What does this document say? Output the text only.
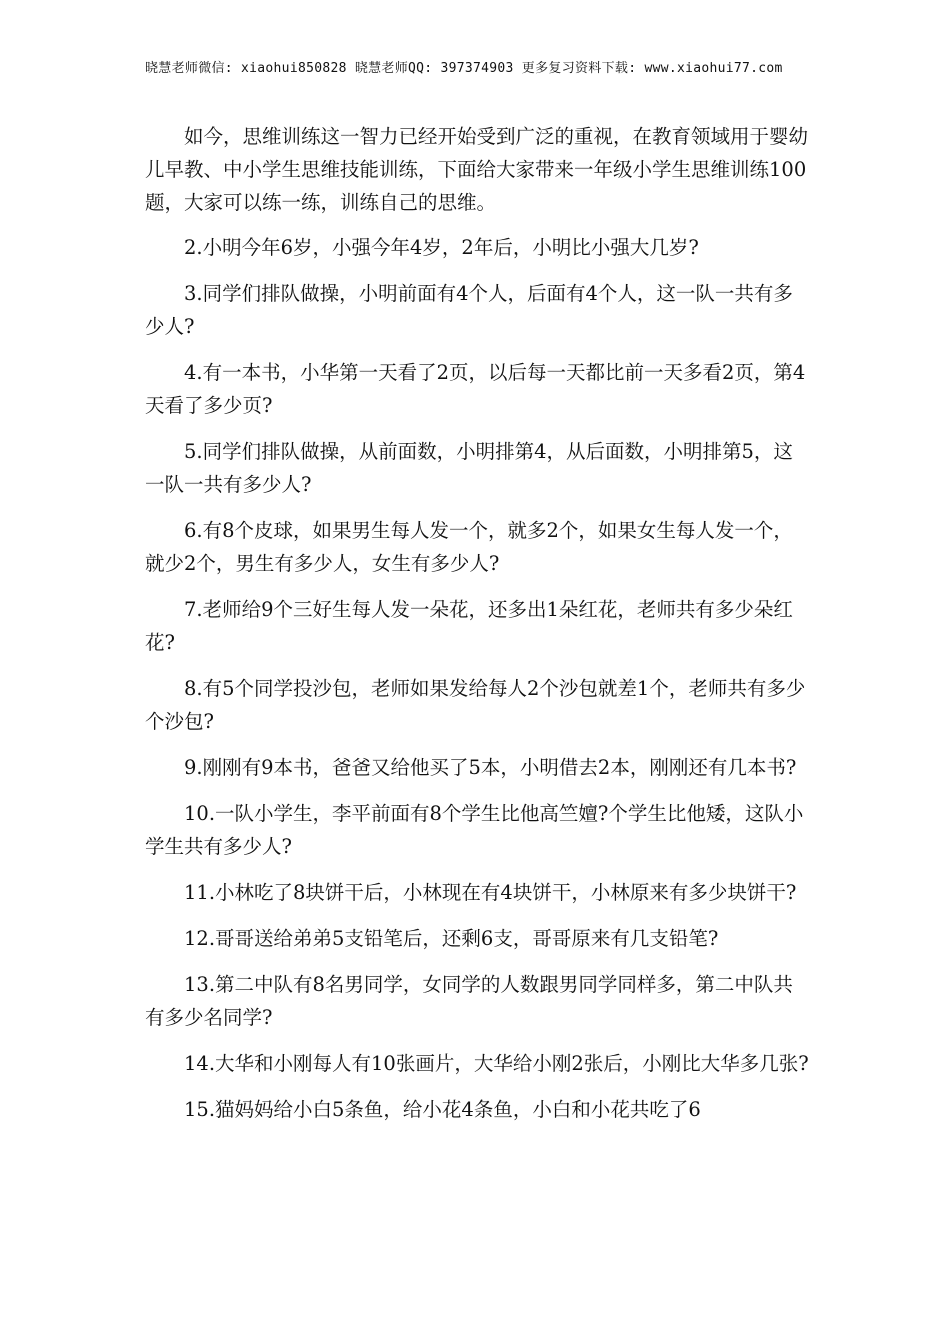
晓慧老师微信: xiaohui850828 晓慧老师QQ: 397374903 更多复习资料下载: www.xiaohui77.com

如今，思维训练这一智力已经开始受到广泛的重视，在教育领域用于婴幼儿早教、中小学生思维技能训练，下面给大家带来一年级小学生思维训练100题，大家可以练一练，训练自己的思维。

2.小明今年6岁，小强今年4岁，2年后，小明比小强大几岁?

3.同学们排队做操，小明前面有4个人，后面有4个人，这一队一共有多少人?

4.有一本书，小华第一天看了2页，以后每一天都比前一天多看2页，第4天看了多少页?

5.同学们排队做操，从前面数，小明排第4，从后面数，小明排第5，这一队一共有多少人?

6.有8个皮球，如果男生每人发一个，就多2个，如果女生每人发一个，就少2个，男生有多少人，女生有多少人?

7.老师给9个三好生每人发一朵花，还多出1朵红花，老师共有多少朵红花?

8.有5个同学投沙包，老师如果发给每人2个沙包就差1个，老师共有多少个沙包?

9.刚刚有9本书，爸爸又给他买了5本，小明借去2本，刚刚还有几本书?

10.一队小学生，李平前面有8个学生比他高竺嬗?个学生比他矮，这队小学生共有多少人?

11.小林吃了8块饼干后，小林现在有4块饼干，小林原来有多少块饼干?

12.哥哥送给弟弟5支铅笔后，还剩6支，哥哥原来有几支铅笔?

13.第二中队有8名男同学，女同学的人数跟男同学同样多，第二中队共有多少名同学?

14.大华和小刚每人有10张画片，大华给小刚2张后，小刚比大华多几张?

15.猫妈妈给小白5条鱼，给小花4条鱼，小白和小花共吃了6
